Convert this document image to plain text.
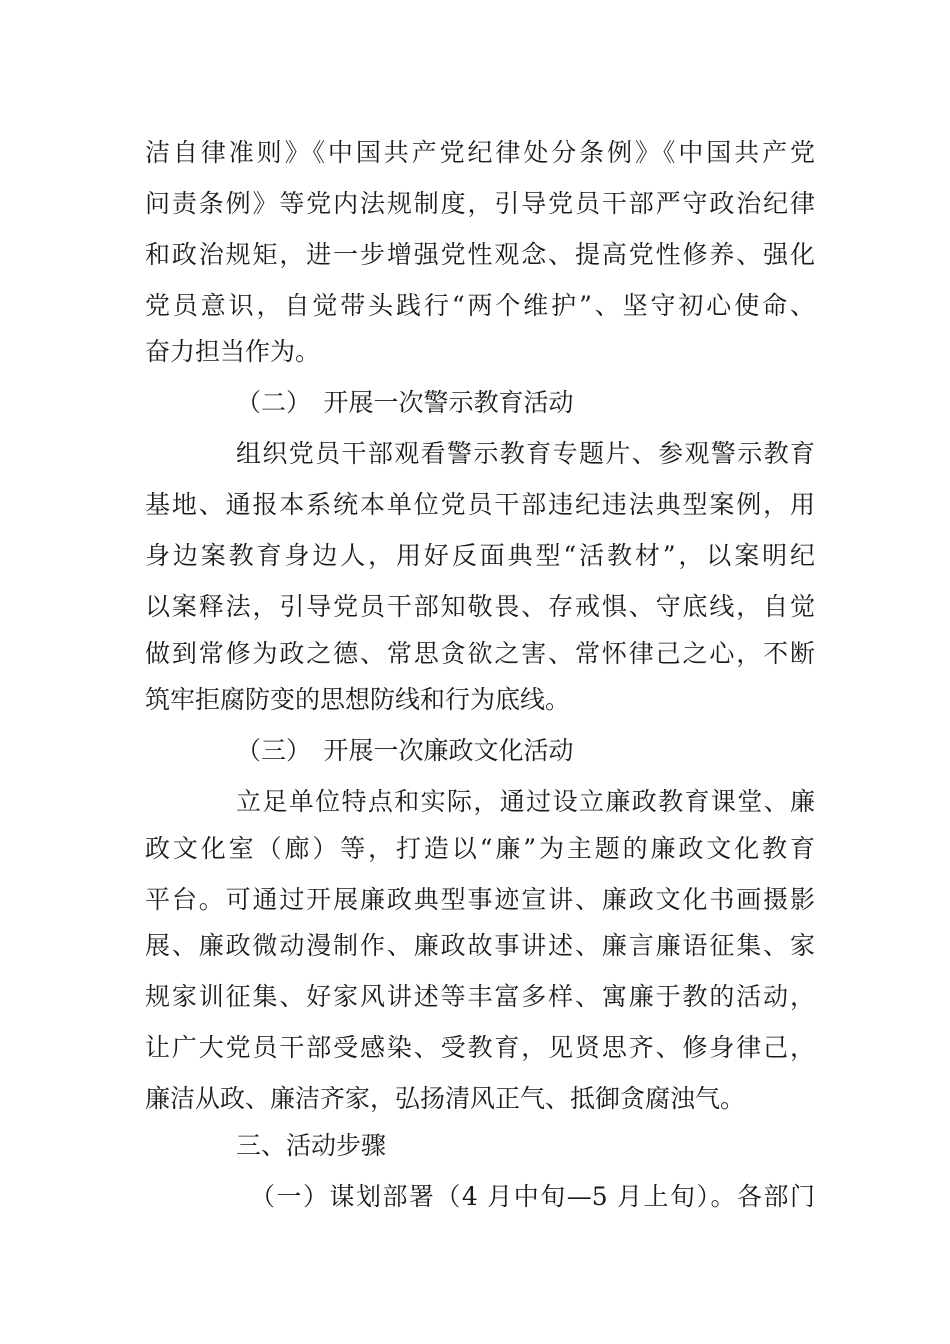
洁自律准则》《中国共产党纪律处分条例》《中国共产党
问责条例》等党内法规制度，引导党员干部严守政治纪律
和政治规矩，进一步增强党性观念、提高党性修养、强化
党员意识，自觉带头践行“两个维护”、坚守初心使命、
奋力担当作为。
（二）　开展一次警示教育活动
组织党员干部观看警示教育专题片、参观警示教育
基地、通报本系统本单位党员干部违纪违法典型案例，用
身边案教育身边人，用好反面典型“活教材”，以案明纪
以案释法，引导党员干部知敬畏、存戒惧、守底线，自觉
做到常修为政之德、常思贪欲之害、常怀律己之心，不断
筑牢拒腐防变的思想防线和行为底线。
（三）　开展一次廉政文化活动
立足单位特点和实际，通过设立廉政教育课堂、廉
政文化室（廊）等，打造以“廉”为主题的廉政文化教育
平台。可通过开展廉政典型事迹宣讲、廉政文化书画摄影
展、廉政微动漫制作、廉政故事讲述、廉言廉语征集、家
规家训征集、好家风讲述等丰富多样、寓廉于教的活动，
让广大党员干部受感染、受教育，见贤思齐、修身律己，
廉洁从政、廉洁齐家，弘扬清风正气、抵御贪腐浊气。
三、活动步骤
（一）谋划部署（4 月中旬—5 月上旬）。各部门
